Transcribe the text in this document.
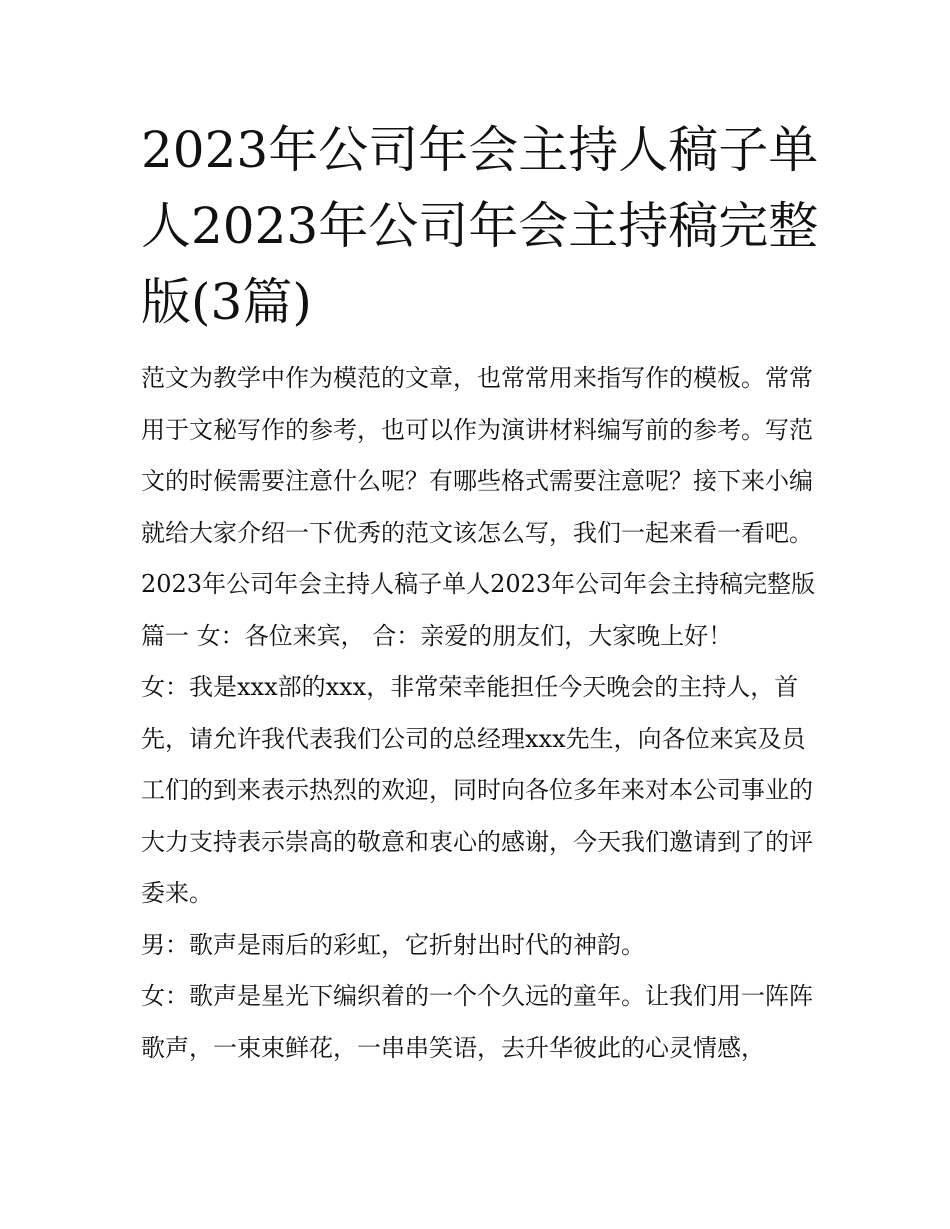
2023年公司年会主持人稿子单人2023年公司年会主持稿完整版(3篇)

范文为教学中作为模范的文章，也常常用来指写作的模板。常常用于文秘写作的参考，也可以作为演讲材料编写前的参考。写范文的时候需要注意什么呢？有哪些格式需要注意呢？接下来小编就给大家介绍一下优秀的范文该怎么写，我们一起来看一看吧。

2023年公司年会主持人稿子单人2023年公司年会主持稿完整版篇一 女：各位来宾， 合：亲爱的朋友们，大家晚上好！

女：我是xxx部的xxx，非常荣幸能担任今天晚会的主持人，首先，请允许我代表我们公司的总经理xxx先生，向各位来宾及员工们的到来表示热烈的欢迎，同时向各位多年来对本公司事业的大力支持表示崇高的敬意和衷心的感谢，今天我们邀请到了的评委来。

男：歌声是雨后的彩虹，它折射出时代的神韵。

女：歌声是星光下编织着的一个个久远的童年。让我们用一阵阵歌声，一束束鲜花，一串串笑语，去升华彼此的心灵情感，
